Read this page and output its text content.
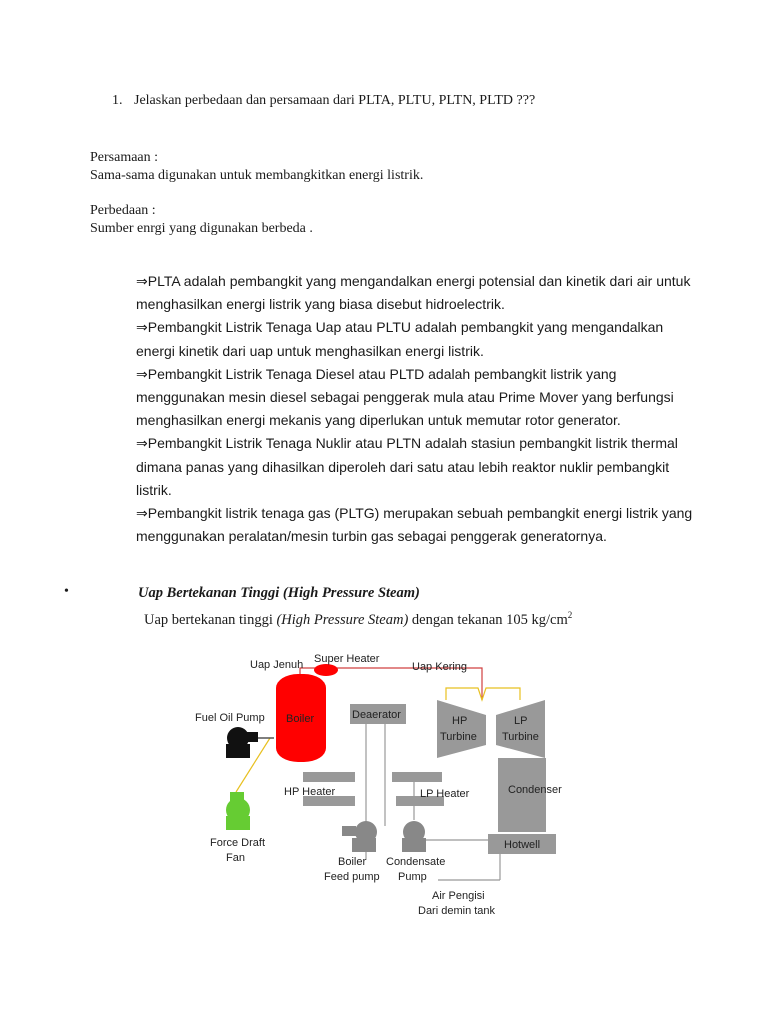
1. Jelaskan perbedaan dan persamaan dari PLTA, PLTU, PLTN, PLTD ???
Persamaan :
Sama-sama digunakan untuk membangkitkan energi listrik.
Perbedaan :
Sumber enrgi yang digunakan berbeda .

⇒PLTA adalah pembangkit yang mengandalkan energi potensial dan kinetik dari air untuk menghasilkan energi listrik yang biasa disebut hidroelectrik.

⇒Pembangkit Listrik Tenaga Uap atau PLTU adalah pembangkit yang mengandalkan energi kinetik dari uap untuk menghasilkan energi listrik.

⇒Pembangkit Listrik Tenaga Diesel atau PLTD adalah pembangkit listrik yang menggunakan mesin diesel sebagai penggerak mula atau Prime Mover yang berfungsi menghasilkan energi mekanis yang diperlukan untuk memutar rotor generator.

⇒Pembangkit Listrik Tenaga Nuklir atau PLTN adalah stasiun pembangkit listrik thermal dimana panas yang dihasilkan diperoleh dari satu atau lebih reaktor nuklir pembangkit listrik.

⇒Pembangkit listrik tenaga gas (PLTG) merupakan sebuah pembangkit energi listrik yang menggunakan peralatan/mesin turbin gas sebagai penggerak generatornya.

•	Uap Bertekanan Tinggi (High Pressure Steam)
Uap bertekanan tinggi (High Pressure Steam) dengan tekanan 105 $kg/cm^2$
Uap Jenuh Super Heater
Uap Kering
Fuel Oil Pump Boiler	Deaerator	HP
Turbine
LP
Turbine
HP Heater	LP Heater	Condenser
Force Draft
Fan	Boiler
Feed pump
Condensate
Pump
Hotwell
Air Pengisi
Dari demin tank
